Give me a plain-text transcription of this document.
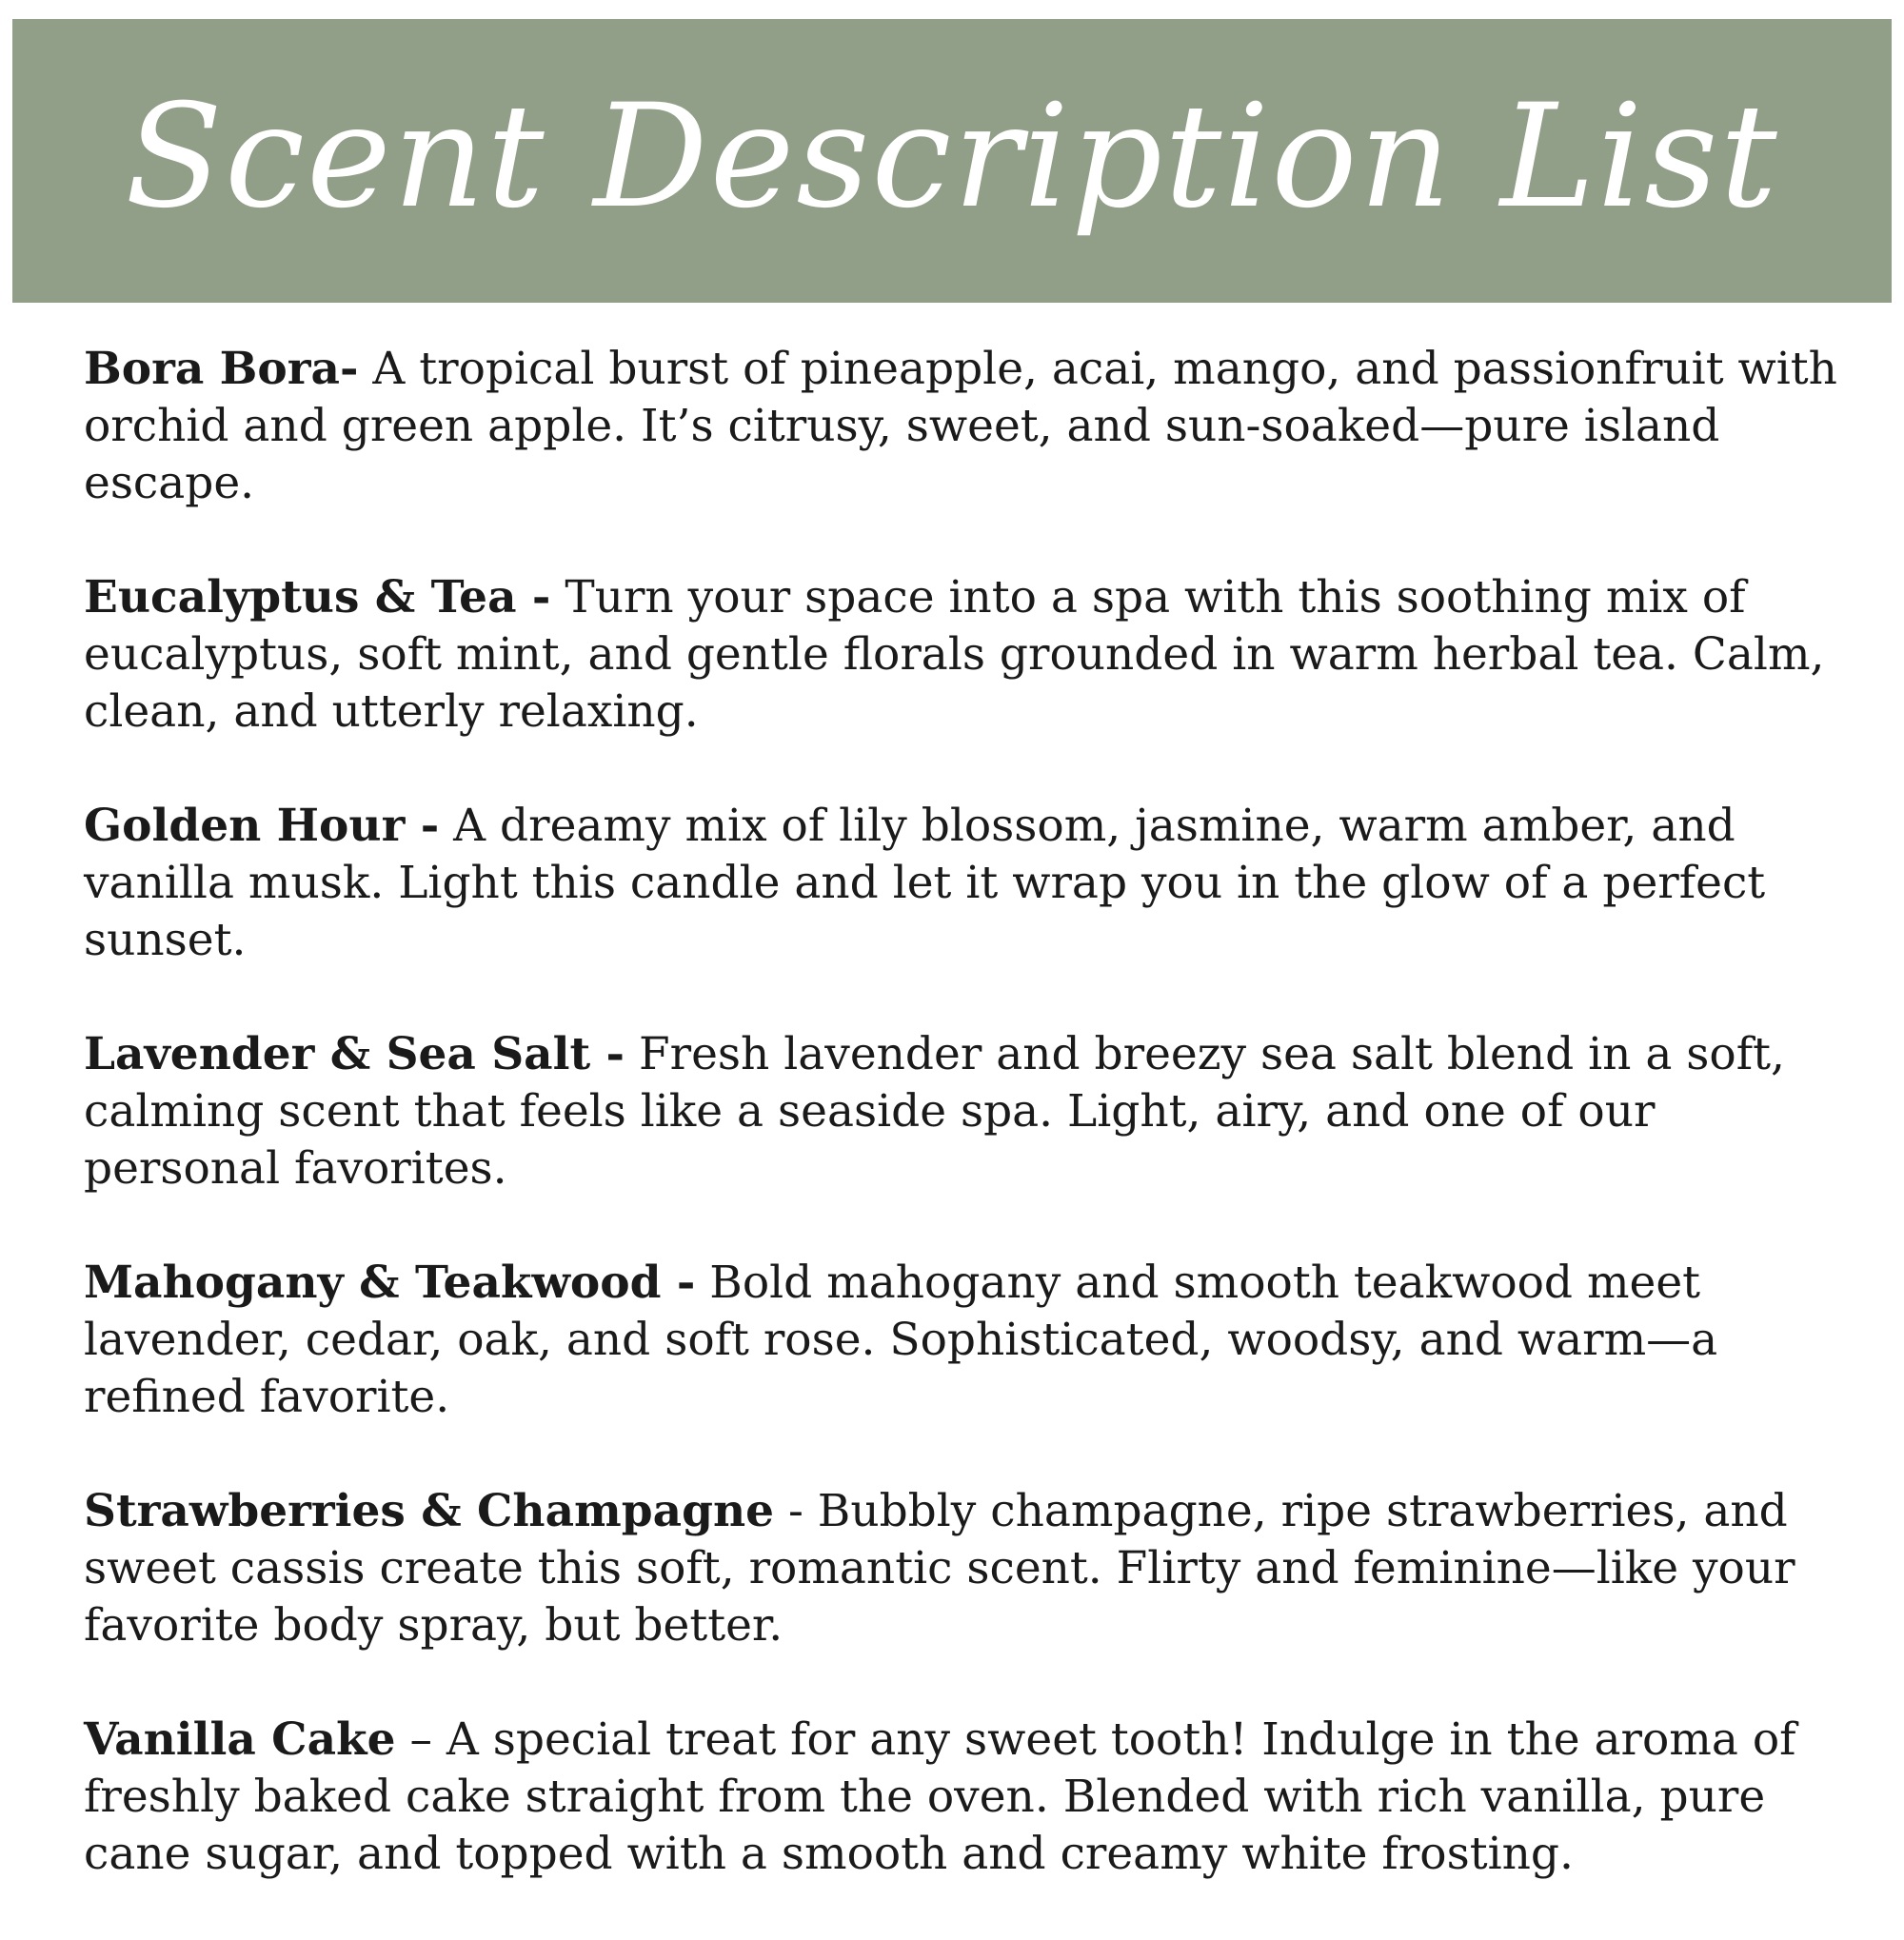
Scent Description List
Bora Bora- A tropical burst of pineapple, acai, mango, and passionfruit with orchid and green apple. It’s citrusy, sweet, and sun-soaked—pure island escape.
Eucalyptus & Tea - Turn your space into a spa with this soothing mix of eucalyptus, soft mint, and gentle florals grounded in warm herbal tea. Calm, clean, and utterly relaxing.
Golden Hour - A dreamy mix of lily blossom, jasmine, warm amber, and vanilla musk. Light this candle and let it wrap you in the glow of a perfect sunset.
Lavender & Sea Salt - Fresh lavender and breezy sea salt blend in a soft, calming scent that feels like a seaside spa. Light, airy, and one of our personal favorites.
Mahogany & Teakwood - Bold mahogany and smooth teakwood meet lavender, cedar, oak, and soft rose. Sophisticated, woodsy, and warm—a refined favorite.
Strawberries & Champagne - Bubbly champagne, ripe strawberries, and sweet cassis create this soft, romantic scent. Flirty and feminine—like your favorite body spray, but better.
Vanilla Cake – A special treat for any sweet tooth! Indulge in the aroma of freshly baked cake straight from the oven. Blended with rich vanilla, pure cane sugar, and topped with a smooth and creamy white frosting.
